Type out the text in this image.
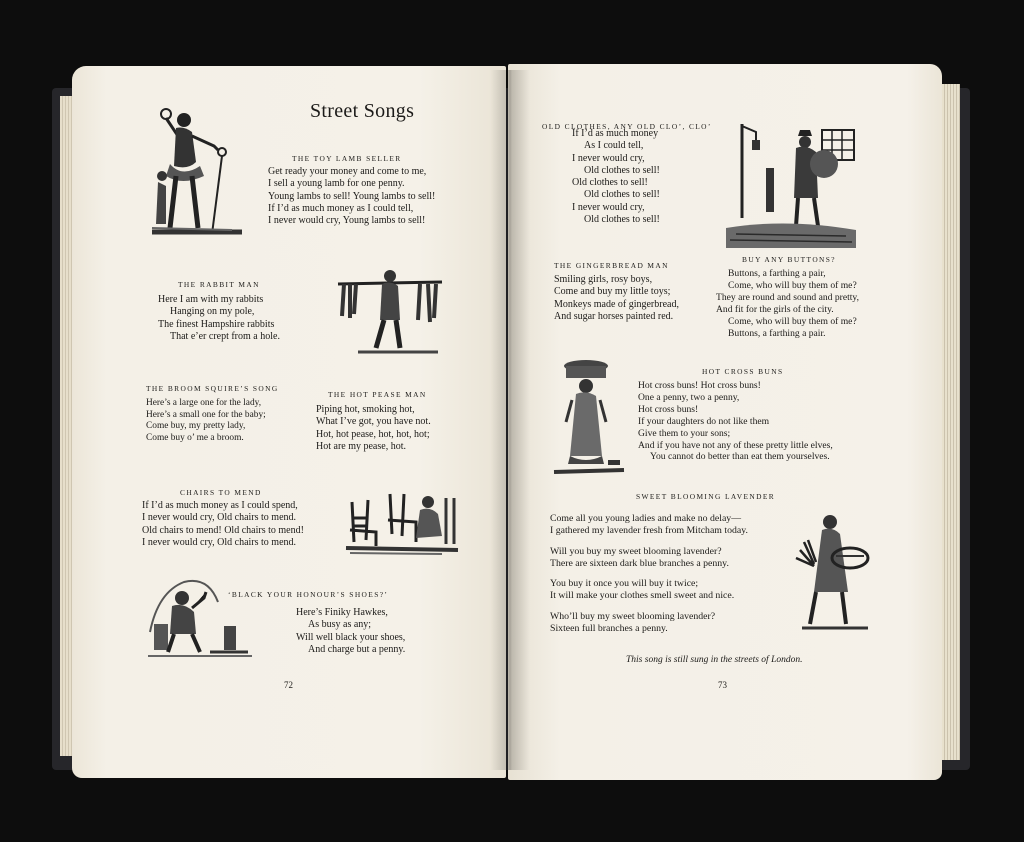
Street Songs
THE TOY LAMB SELLER
Get ready your money and come to me,
I sell a young lamb for one penny.
Young lambs to sell! Young lambs to sell!
If I’d as much money as I could tell,
I never would cry, Young lambs to sell!
THE RABBIT MAN
Here I am with my rabbits
Hanging on my pole,
The finest Hampshire rabbits
That e’er crept from a hole.
THE BROOM SQUIRE’S SONG
Here’s a large one for the lady,
Here’s a small one for the baby;
Come buy, my pretty lady,
Come buy o’ me a broom.
THE HOT PEASE MAN
Piping hot, smoking hot,
What I’ve got, you have not.
Hot, hot pease, hot, hot, hot;
Hot are my pease, hot.
CHAIRS TO MEND
If I’d as much money as I could spend,
I never would cry, Old chairs to mend.
Old chairs to mend! Old chairs to mend!
I never would cry, Old chairs to mend.
‘BLACK YOUR HONOUR’S SHOES?’
Here’s Finiky Hawkes,
As busy as any;
Will well black your shoes,
And charge but a penny.
72
OLD CLOTHES, ANY OLD CLO’, CLO’
If I’d as much money
As I could tell,
I never would cry,
Old clothes to sell!
Old clothes to sell!
Old clothes to sell!
I never would cry,
Old clothes to sell!
THE GINGERBREAD MAN
Smiling girls, rosy boys,
Come and buy my little toys;
Monkeys made of gingerbread,
And sugar horses painted red.
BUY ANY BUTTONS?
Buttons, a farthing a pair,
Come, who will buy them of me?
They are round and sound and pretty,
And fit for the girls of the city.
Come, who will buy them of me?
Buttons, a farthing a pair.
HOT CROSS BUNS
Hot cross buns! Hot cross buns!
One a penny, two a penny,
Hot cross buns!
If your daughters do not like them
Give them to your sons;
And if you have not any of these pretty little elves,
You cannot do better than eat them yourselves.
SWEET BLOOMING LAVENDER
Come all you young ladies and make no delay—
I gathered my lavender fresh from Mitcham today.
Will you buy my sweet blooming lavender?
There are sixteen dark blue branches a penny.
You buy it once you will buy it twice;
It will make your clothes smell sweet and nice.
Who’ll buy my sweet blooming lavender?
Sixteen full branches a penny.
This song is still sung in the streets of London.
73
